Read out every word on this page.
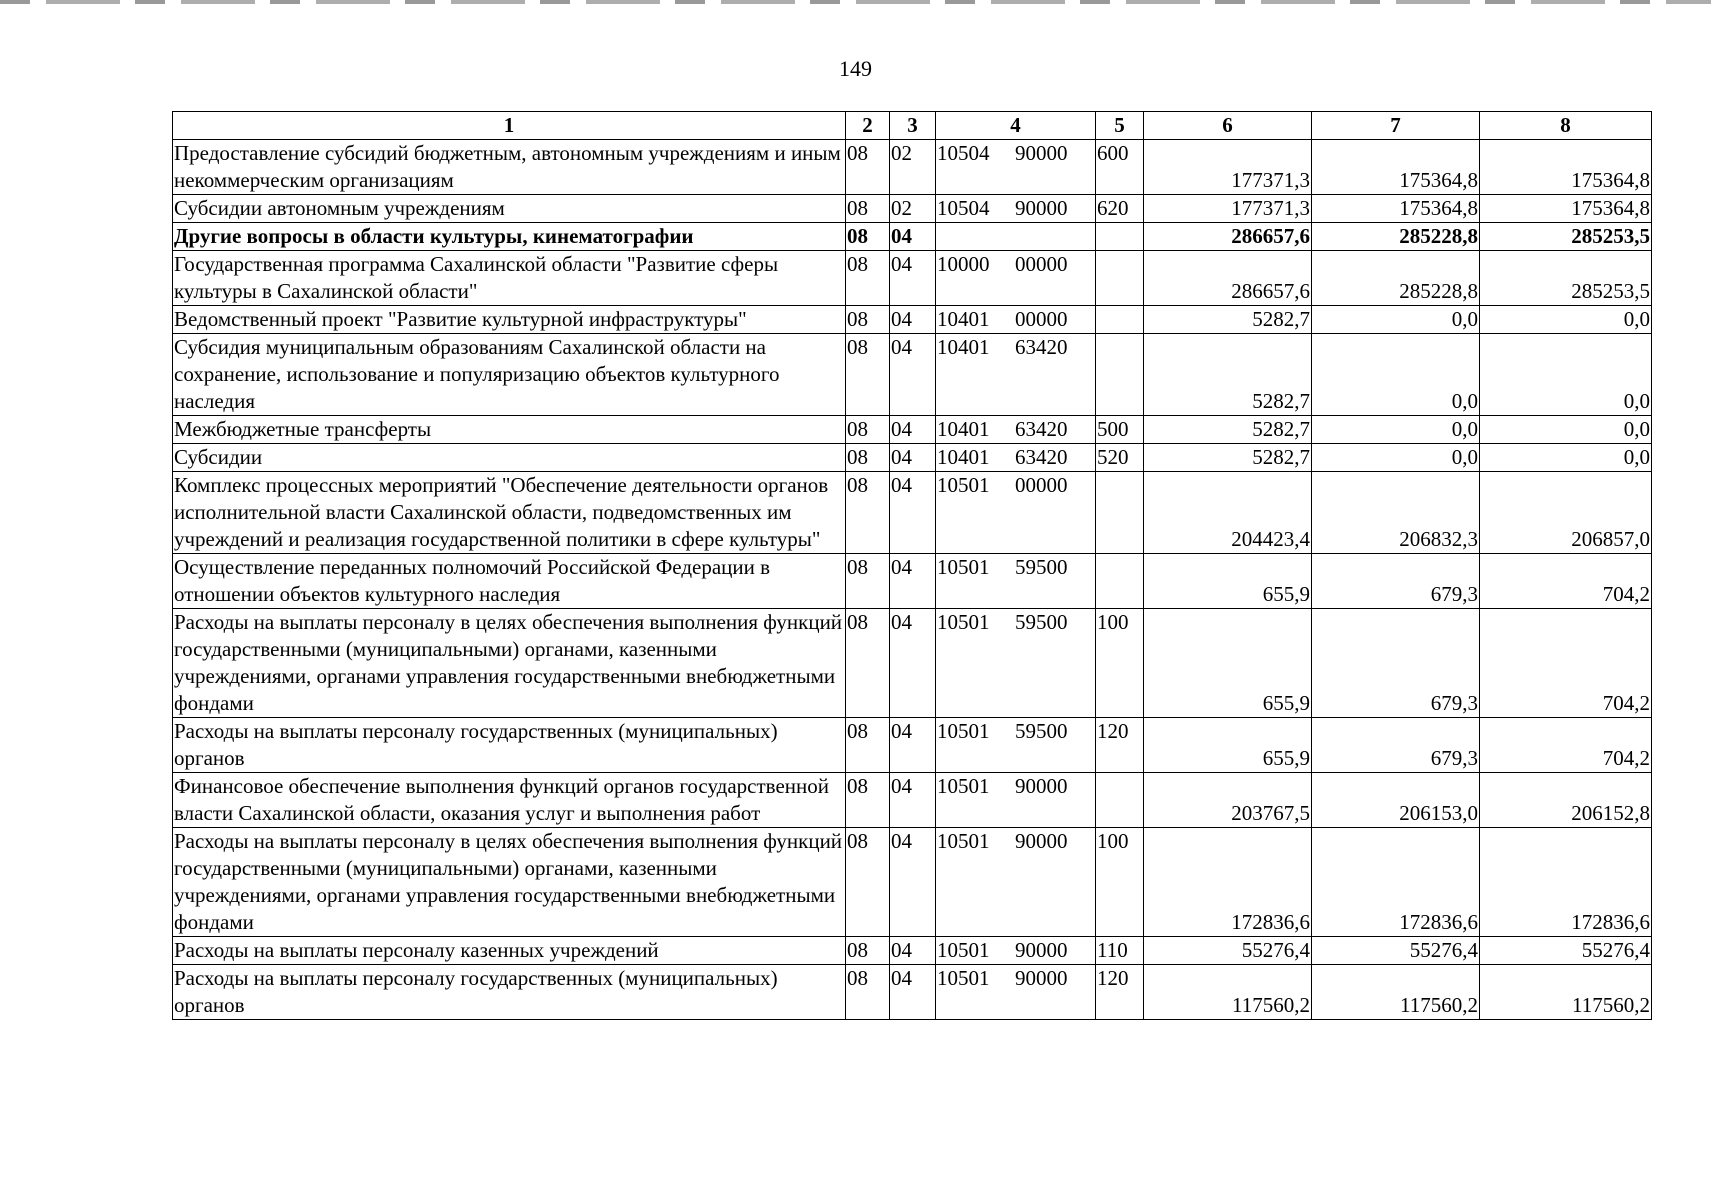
149
1	2	3	4	5	6	7	8
Предоставление субсидий бюджетным, автономным учреждениям и иным некоммерческим организациям	08	02	10504 90000	600	177371,3	175364,8	175364,8
Субсидии автономным учреждениям	08	02	10504 90000	620	177371,3	175364,8	175364,8
Другие вопросы в области культуры, кинематографии	08	04			286657,6	285228,8	285253,5
Государственная программа Сахалинской области "Развитие сферы культуры в Сахалинской области"	08	04	10000 00000		286657,6	285228,8	285253,5
Ведомственный проект "Развитие культурной инфраструктуры"	08	04	10401 00000		5282,7	0,0	0,0
Субсидия муниципальным образованиям Сахалинской области на сохранение, использование и популяризацию объектов культурного наследия	08	04	10401 63420		5282,7	0,0	0,0
Межбюджетные трансферты	08	04	10401 63420	500	5282,7	0,0	0,0
Субсидии	08	04	10401 63420	520	5282,7	0,0	0,0
Комплекс процессных мероприятий "Обеспечение деятельности органов исполнительной власти Сахалинской области, подведомственных им учреждений и реализация государственной политики в сфере культуры"	08	04	10501 00000		204423,4	206832,3	206857,0
Осуществление переданных полномочий Российской Федерации в отношении объектов культурного наследия	08	04	10501 59500		655,9	679,3	704,2
Расходы на выплаты персоналу в целях обеспечения выполнения функций государственными (муниципальными) органами, казенными учреждениями, органами управления государственными внебюджетными фондами	08	04	10501 59500	100	655,9	679,3	704,2
Расходы на выплаты персоналу государственных (муниципальных) органов	08	04	10501 59500	120	655,9	679,3	704,2
Финансовое обеспечение выполнения функций органов государственной власти Сахалинской области, оказания услуг и выполнения работ	08	04	10501 90000		203767,5	206153,0	206152,8
Расходы на выплаты персоналу в целях обеспечения выполнения функций государственными (муниципальными) органами, казенными учреждениями, органами управления государственными внебюджетными фондами	08	04	10501 90000	100	172836,6	172836,6	172836,6
Расходы на выплаты персоналу казенных учреждений	08	04	10501 90000	110	55276,4	55276,4	55276,4
Расходы на выплаты персоналу государственных (муниципальных) органов	08	04	10501 90000	120	117560,2	117560,2	117560,2
